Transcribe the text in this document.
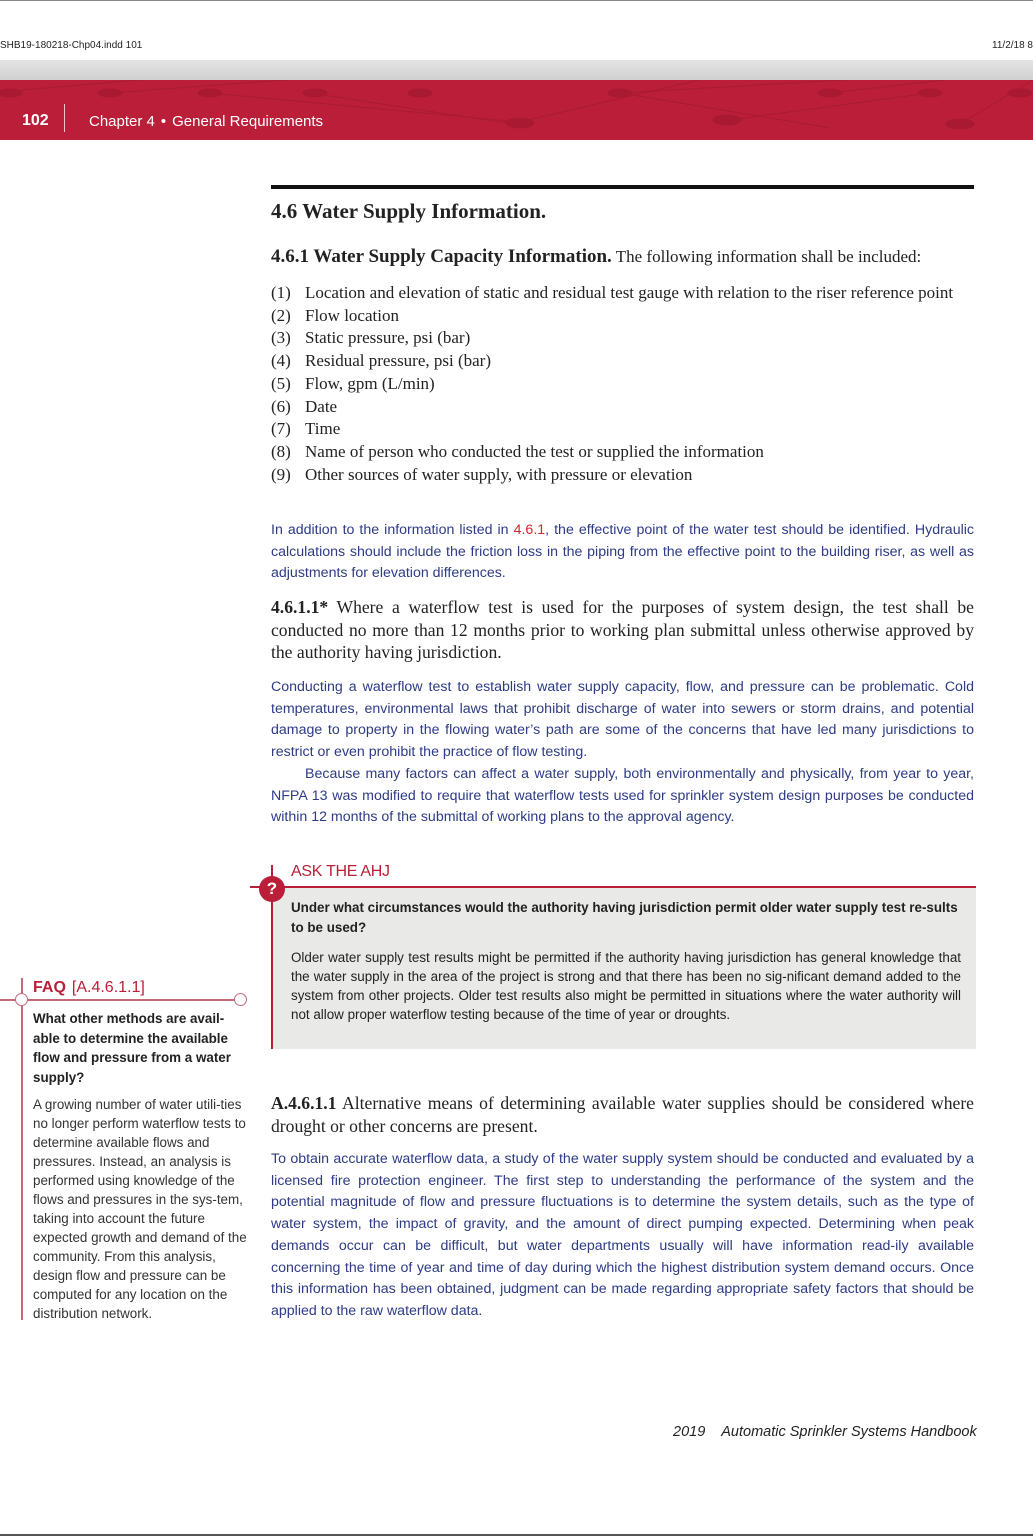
SHB19-180218-Chp04.indd 101	11/2/18 8
102	Chapter 4 • General Requirements
4.6 Water Supply Information.
4.6.1 Water Supply Capacity Information. The following information shall be included:
(1) Location and elevation of static and residual test gauge with relation to the riser reference point
(2) Flow location
(3) Static pressure, psi (bar)
(4) Residual pressure, psi (bar)
(5) Flow, gpm (L/min)
(6) Date
(7) Time
(8) Name of person who conducted the test or supplied the information
(9) Other sources of water supply, with pressure or elevation
In addition to the information listed in 4.6.1, the effective point of the water test should be identified. Hydraulic calculations should include the friction loss in the piping from the effective point to the building riser, as well as adjustments for elevation differences.
4.6.1.1* Where a waterflow test is used for the purposes of system design, the test shall be conducted no more than 12 months prior to working plan submittal unless otherwise approved by the authority having jurisdiction.

Conducting a waterflow test to establish water supply capacity, flow, and pressure can be problematic. Cold temperatures, environmental laws that prohibit discharge of water into sewers or storm drains, and potential damage to property in the flowing water’s path are some of the concerns that have led many jurisdictions to restrict or even prohibit the practice of flow testing.

Because many factors can affect a water supply, both environmentally and physically, from year to year, NFPA 13 was modified to require that waterflow tests used for sprinkler system design purposes be conducted within 12 months of the submittal of working plans to the approval agency.

ASK THE AHJ
?
Under what circumstances would the authority having jurisdiction permit older water supply test re-sults to be used?
Older water supply test results might be permitted if the authority having jurisdiction has general knowledge that the water supply in the area of the project is strong and that there has been no sig-nificant demand added to the system from other projects. Older test results also might be permitted in situations where the water authority will not allow proper waterflow testing because of the time of year or droughts.
FAQ [A.4.6.1.1]
What other methods are avail-able to determine the available flow and pressure from a water supply?
A growing number of water utili-ties no longer perform waterflow tests to determine available flows and pressures. Instead, an analysis is performed using knowledge of the flows and pressures in the sys-tem, taking into account the future expected growth and demand of the community. From this analysis, design flow and pressure can be computed for any location on the distribution network.
A.4.6.1.1 Alternative means of determining available water supplies should be considered where drought or other concerns are present.
To obtain accurate waterflow data, a study of the water supply system should be conducted and evaluated by a licensed fire protection engineer. The first step to understanding the performance of the system and the potential magnitude of flow and pressure fluctuations is to determine the system details, such as the type of water system, the impact of gravity, and the amount of direct pumping expected. Determining when peak demands occur can be difficult, but water departments usually will have information read-ily available concerning the time of year and time of day during which the highest distribution system demand occurs. Once this information has been obtained, judgment can be made regarding appropriate safety factors that should be applied to the raw waterflow data.
2019 Automatic Sprinkler Systems Handbook
